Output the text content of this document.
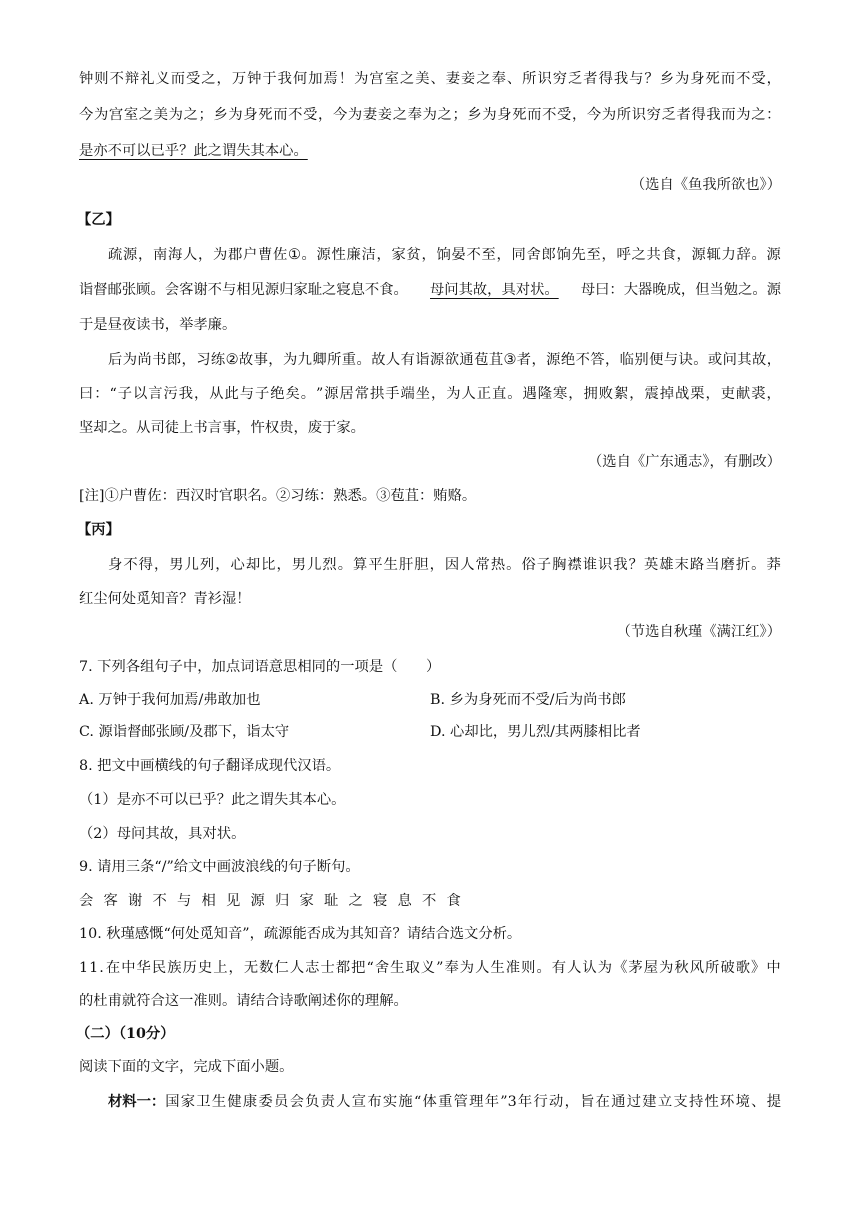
钟 则 不 辩 礼 义 而 受 之 ， 万 钟 于 我 何 加 焉 ！ 为 宫 室 之 美 、 妻 妾 之 奉 、 所 识 穷 乏 者 得 我 与 ？ 乡 为 身 死 而 不 受 ，
今 为 宫 室 之 美 为 之 ； 乡 为 身 死 而 不 受 ， 今 为 妻 妾 之 奉 为 之 ； 乡 为 身 死 而 不 受 ， 今 为 所 识 穷 乏 者 得 我 而 为 之 ：
是亦不可以已乎？此之谓失其本心。
（选自《鱼我所欲也》）
【乙】
疏 源 ， 南 海 人 ， 为 郡 户 曹 佐 ① 。 源 性 廉 洁 ， 家 贫 ， 饷 晏 不 至 ， 同 舍 郎 饷 先 至 ， 呼 之 共 食 ， 源 辄 力 辞 。 源
诣督邮张顾。会客谢不与相见源归家耻之寝息不食。 母问其故，具对状。 母曰：大器晚成，但当勉之。源
于是昼夜读书，举孝廉。
后 为 尚 书 郎 ， 习 练 ② 故 事 ， 为 九 卿 所 重 。 故 人 有 诣 源 欲 通 苞 苴 ③ 者 ， 源 绝 不 答 ， 临 别 便 与 诀 。 或 问 其 故 ，
曰 ： “ 子 以 言 污 我 ， 从 此 与 子 绝 矣 。 ” 源 居 常 拱 手 端 坐 ， 为 人 正 直 。 遇 隆 寒 ， 拥 败 絮 ， 震 掉 战 栗 ， 吏 献 裘 ，
坚却之。从司徒上书言事，忤权贵，废于家。
（选自《广东通志》，有删改）
[注]①户曹佐：西汉时官职名。②习练：熟悉。③苞苴：贿赂。
【丙】
身 不 得 ， 男 儿 列 ， 心 却 比 ， 男 儿 烈 。 算 平 生 肝 胆 ， 因 人 常 热 。 俗 子 胸 襟 谁 识 我 ？ 英 雄 末 路 当 磨 折 。 莽
红尘何处觅知音？青衫湿！
（节选自秋瑾《满江红》）
7. 下列各组句子中，加点词语意思相同的一项是（　　）
A. 万钟于我何加焉/弗敢加也	B. 乡为身死而不受/后为尚书郎
C. 源诣督邮张顾/及郡下，诣太守	D. 心却比，男儿烈/其两膝相比者
8. 把文中画横线的句子翻译成现代汉语。
（1）是亦不可以已乎？此之谓失其本心。
（2）母问其故，具对状。
9. 请用三条“/”给文中画波浪线的句子断句。
会客谢不与相见源归家耻之寝息不食
10. 秋瑾感慨“何处觅知音”，疏源能否成为其知音？请结合选文分析。
1 1 . 在 中 华 民 族 历 史 上 ， 无 数 仁 人 志 士 都 把 “ 舍 生 取 义 ” 奉 为 人 生 准 则 。 有 人 认 为 《 茅 屋 为 秋 风 所 破 歌 》 中
的杜甫就符合这一准则。请结合诗歌阐述你的理解。
（二）（10分）
阅读下面的文字，完成下面小题。
材料一： 国家卫生健康委员会负责人宣布实施“体重管理年”3年行动，旨在通过建立支持性环境、提
